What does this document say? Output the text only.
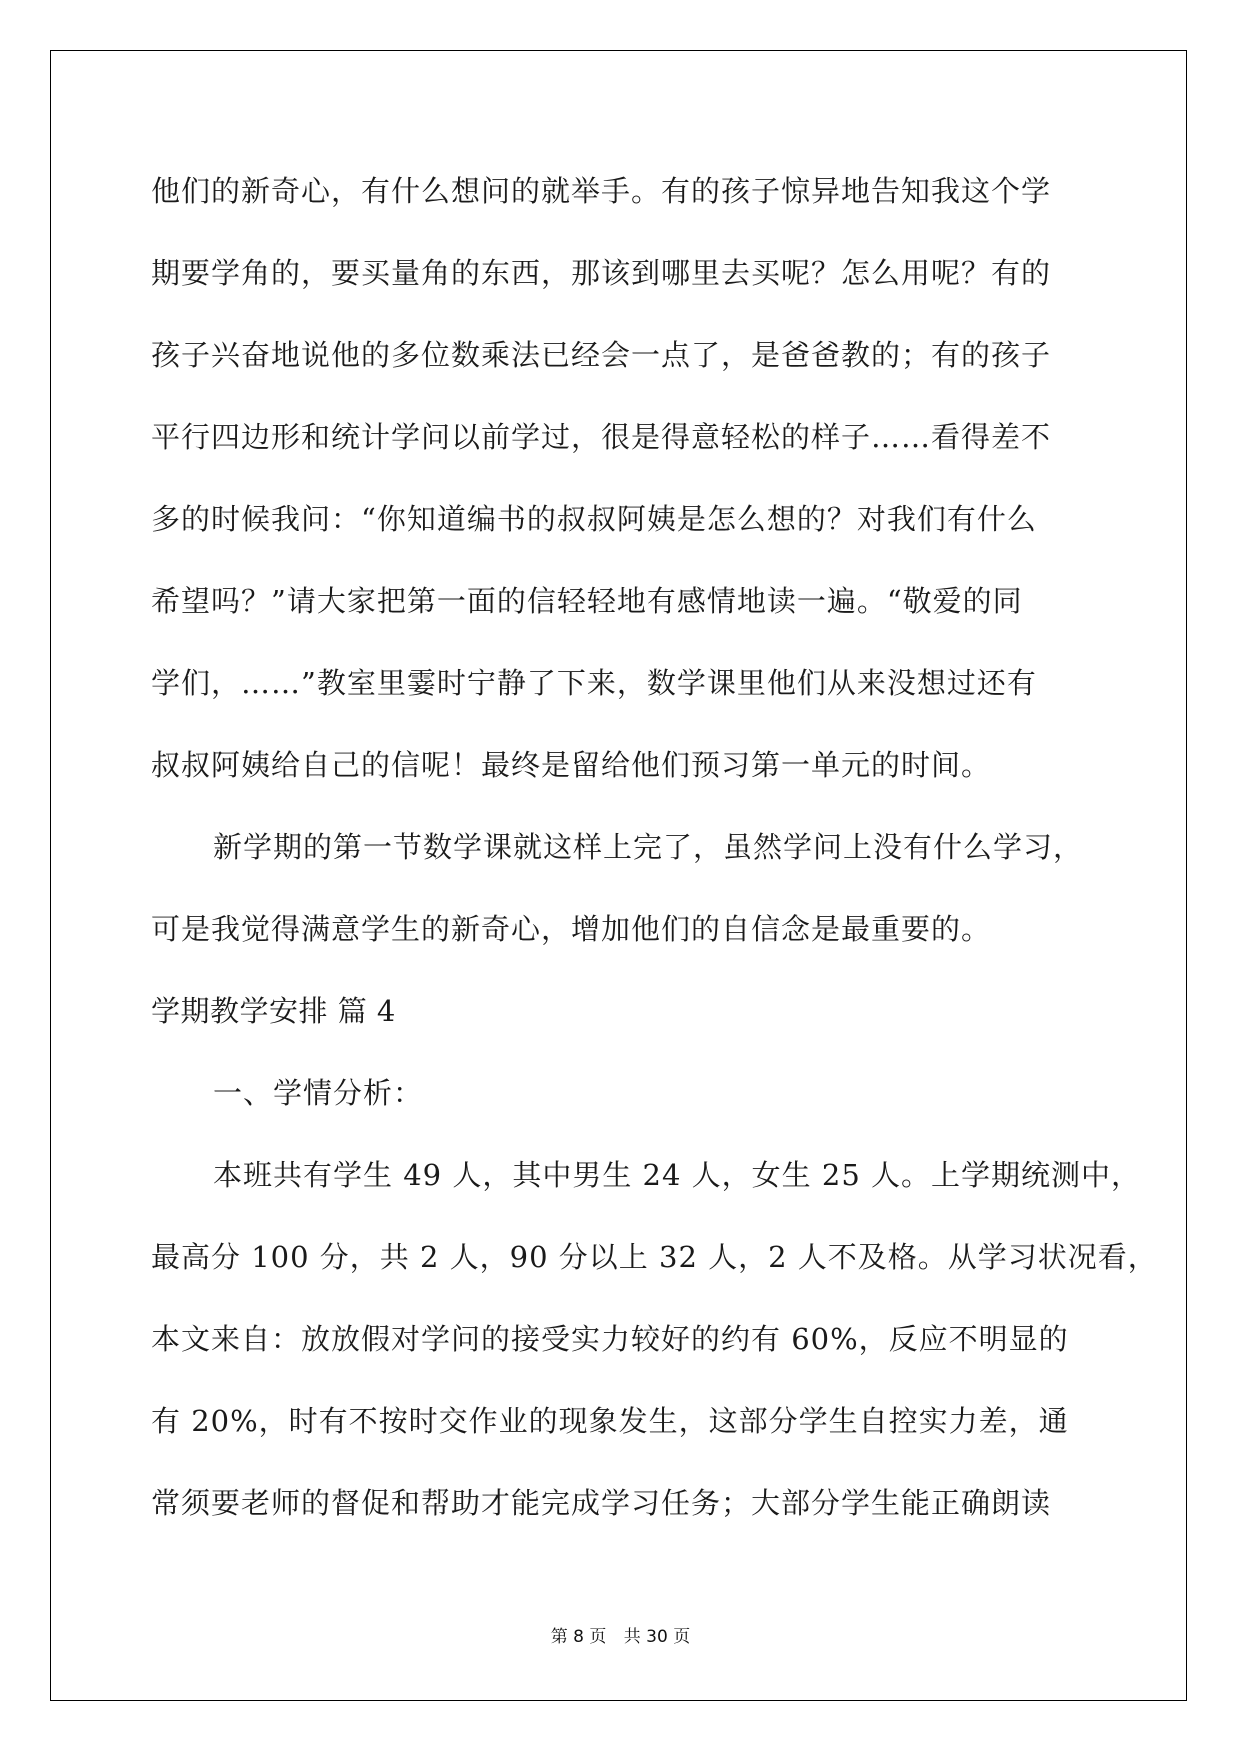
他们的新奇心，有什么想问的就举手。有的孩子惊异地告知我这个学
期要学角的，要买量角的东西，那该到哪里去买呢？怎么用呢？有的
孩子兴奋地说他的多位数乘法已经会一点了，是爸爸教的；有的孩子
平行四边形和统计学问以前学过，很是得意轻松的样子……看得差不
多的时候我问：“你知道编书的叔叔阿姨是怎么想的？对我们有什么
希望吗？”请大家把第一面的信轻轻地有感情地读一遍。“敬爱的同
学们，……”教室里霎时宁静了下来，数学课里他们从来没想过还有
叔叔阿姨给自己的信呢！最终是留给他们预习第一单元的时间。
新学期的第一节数学课就这样上完了，虽然学问上没有什么学习，
可是我觉得满意学生的新奇心，增加他们的自信念是最重要的。
学期教学安排 篇 4
一、学情分析：
本班共有学生 49 人，其中男生 24 人，女生 25 人。上学期统测中，
最高分 100 分，共 2 人，90 分以上 32 人，2 人不及格。从学习状况看，
本文来自：放放假对学问的接受实力较好的约有 60%，反应不明显的
有 20%，时有不按时交作业的现象发生，这部分学生自控实力差，通
常须要老师的督促和帮助才能完成学习任务；大部分学生能正确朗读
第 8 页 共 30 页
